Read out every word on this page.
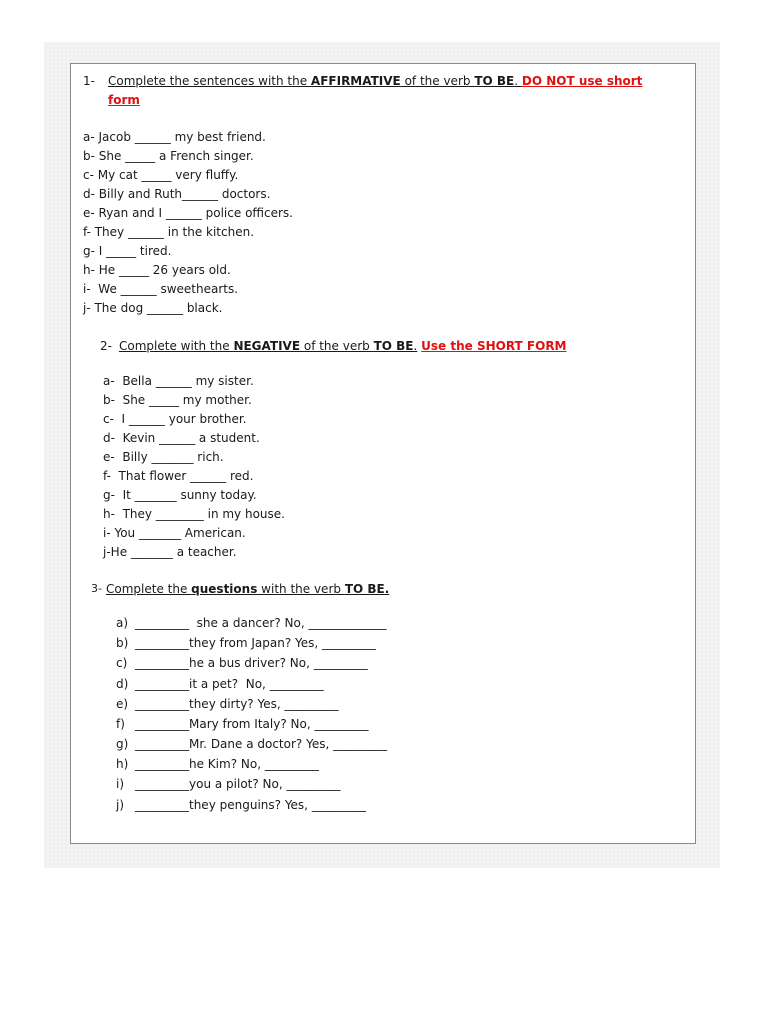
1- Complete the sentences with the AFFIRMATIVE of the verb TO BE. DO NOT use short
form
a- Jacob ______ my best friend.
b- She _____ a French singer.
c- My cat _____ very fluffy.
d- Billy and Ruth______ doctors.
e- Ryan and I ______ police officers.
f- They ______ in the kitchen.
g- I _____ tired.
h- He _____ 26 years old.
i-  We ______ sweethearts.
j- The dog ______ black.
2- Complete with the NEGATIVE of the verb TO BE. Use the SHORT FORM
a-  Bella ______ my sister.
b-  She _____ my mother.
c-  I ______ your brother.
d-  Kevin ______ a student.
e-  Billy _______ rich.
f-  That flower ______ red.
g-  It _______ sunny today.
h-  They ________ in my house.
i- You _______ American.
j-He _______ a teacher.
3- Complete the questions with the verb TO BE.
a) _________  she a dancer? No, _____________
b) _________they from Japan? Yes, _________
c) _________he a bus driver? No, _________
d) _________it a pet?  No, _________
e) _________they dirty? Yes, _________
f) _________Mary from Italy? No, _________
g) _________Mr. Dane a doctor? Yes, _________
h) _________he Kim? No, _________
i) _________you a pilot? No, _________
j) _________they penguins? Yes, _________
